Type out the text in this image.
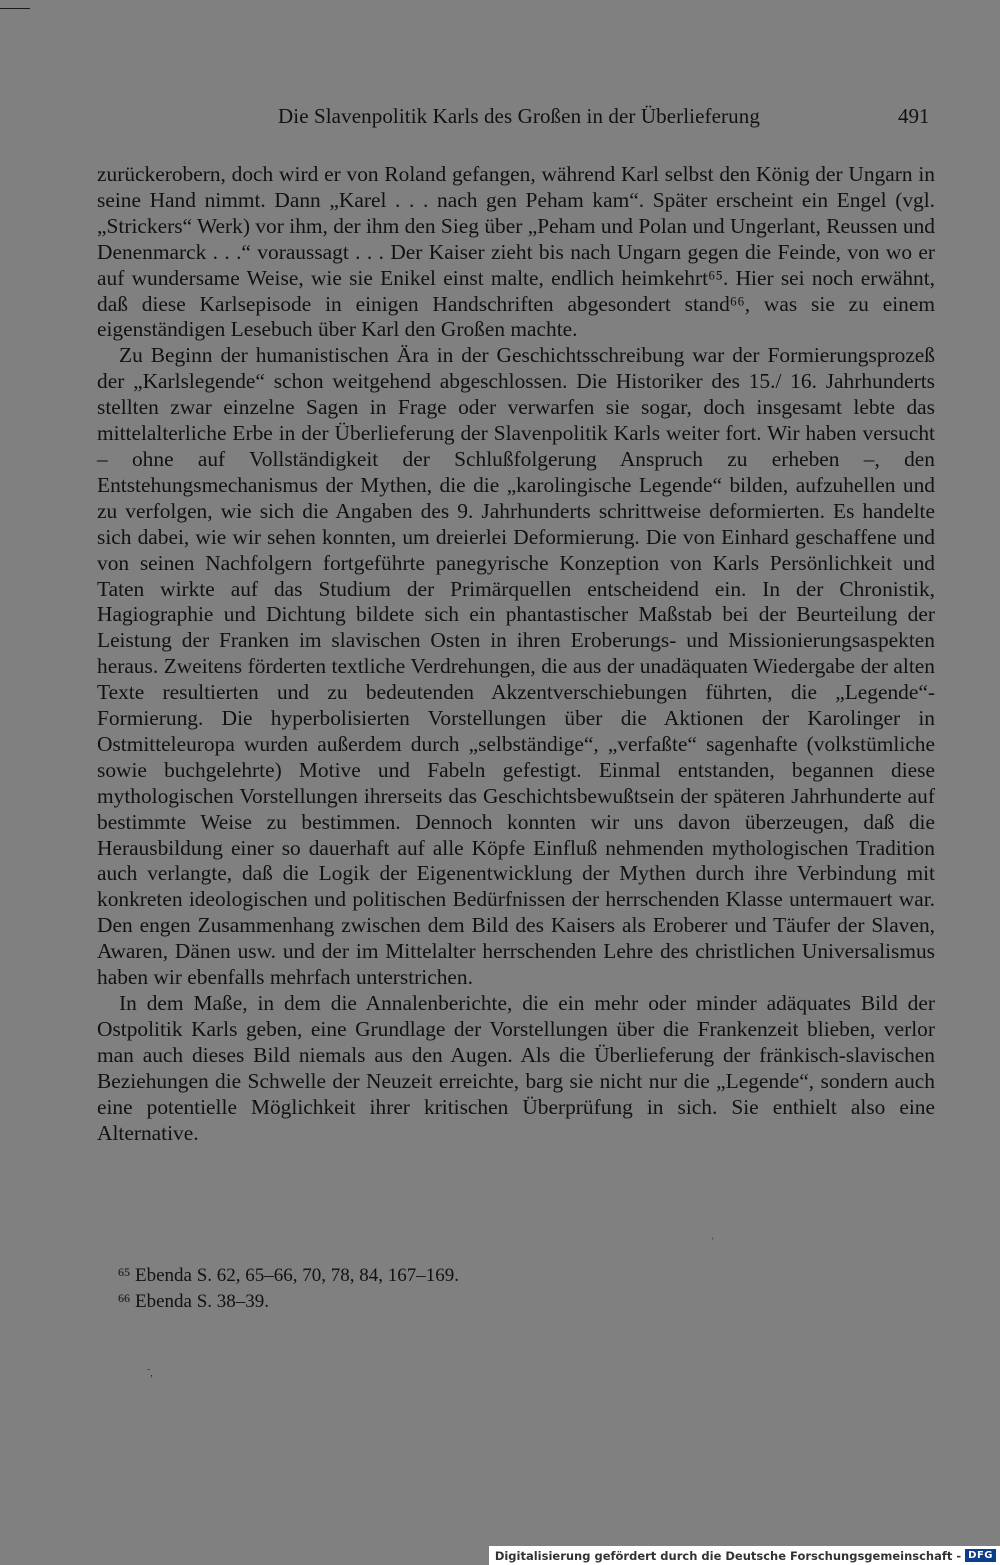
Die Slavenpolitik Karls des Großen in der Überlieferung	491

zurückerobern, doch wird er von Roland gefangen, während Karl selbst den König der Ungarn in seine Hand nimmt. Dann „Karel . . . nach gen Peham kam“. Später erscheint ein Engel (vgl. „Strickers“ Werk) vor ihm, der ihm den Sieg über „Peham und Polan und Ungerlant, Reussen und Denenmarck . . .“ voraussagt . . . Der Kaiser zieht bis nach Ungarn gegen die Feinde, von wo er auf wundersame Weise, wie sie Enikel einst malte, endlich heimkehrt⁶⁵. Hier sei noch erwähnt, daß diese Karlsepisode in einigen Handschriften abgesondert stand⁶⁶, was sie zu einem eigenständigen Lesebuch über Karl den Großen machte.

Zu Beginn der humanistischen Ära in der Geschichtsschreibung war der Formierungsprozeß der „Karlslegende“ schon weitgehend abgeschlossen. Die Historiker des 15./ 16. Jahrhunderts stellten zwar einzelne Sagen in Frage oder verwarfen sie sogar, doch insgesamt lebte das mittelalterliche Erbe in der Überlieferung der Slavenpolitik Karls weiter fort. Wir haben versucht – ohne auf Vollständigkeit der Schlußfolgerung Anspruch zu erheben –, den Entstehungsmechanismus der Mythen, die die „karolingische Legende“ bilden, aufzuhellen und zu verfolgen, wie sich die Angaben des 9. Jahrhunderts schrittweise deformierten. Es handelte sich dabei, wie wir sehen konnten, um dreierlei Deformierung. Die von Einhard geschaffene und von seinen Nachfolgern fortgeführte panegyrische Konzeption von Karls Persönlichkeit und Taten wirkte auf das Studium der Primärquellen entscheidend ein. In der Chronistik, Hagiographie und Dichtung bildete sich ein phantastischer Maßstab bei der Beurteilung der Leistung der Franken im slavischen Osten in ihren Eroberungs- und Missionierungsaspekten heraus. Zweitens förderten textliche Verdrehungen, die aus der unadäquaten Wiedergabe der alten Texte resultierten und zu bedeutenden Akzentverschiebungen führten, die „Legende“-Formierung. Die hyperbolisierten Vorstellungen über die Aktionen der Karolinger in Ostmitteleuropa wurden außerdem durch „selbständige“, „verfaßte“ sagenhafte (volkstümliche sowie buchgelehrte) Motive und Fabeln gefestigt. Einmal entstanden, begannen diese mythologischen Vorstellungen ihrerseits das Geschichtsbewußtsein der späteren Jahrhunderte auf bestimmte Weise zu bestimmen. Dennoch konnten wir uns davon überzeugen, daß die Herausbildung einer so dauerhaft auf alle Köpfe Einfluß nehmenden mythologischen Tradition auch verlangte, daß die Logik der Eigenentwicklung der Mythen durch ihre Verbindung mit konkreten ideologischen und politischen Bedürfnissen der herrschenden Klasse untermauert war. Den engen Zusammenhang zwischen dem Bild des Kaisers als Eroberer und Täufer der Slaven, Awaren, Dänen usw. und der im Mittelalter herrschenden Lehre des christlichen Universalismus haben wir ebenfalls mehrfach unterstrichen.

In dem Maße, in dem die Annalenberichte, die ein mehr oder minder adäquates Bild der Ostpolitik Karls geben, eine Grundlage der Vorstellungen über die Frankenzeit blieben, verlor man auch dieses Bild niemals aus den Augen. Als die Überlieferung der fränkisch-slavischen Beziehungen die Schwelle der Neuzeit erreichte, barg sie nicht nur die „Legende“, sondern auch eine potentielle Möglichkeit ihrer kritischen Überprüfung in sich. Sie enthielt also eine Alternative.

'

$^{65}$ Ebenda S. 62, 65–66, 70, 78, 84, 167–169.

$^{66}$ Ebenda S. 38–39.

˜,
Digitalisierung gefördert durch die Deutsche Forschungsgemeinschaft - DFG
